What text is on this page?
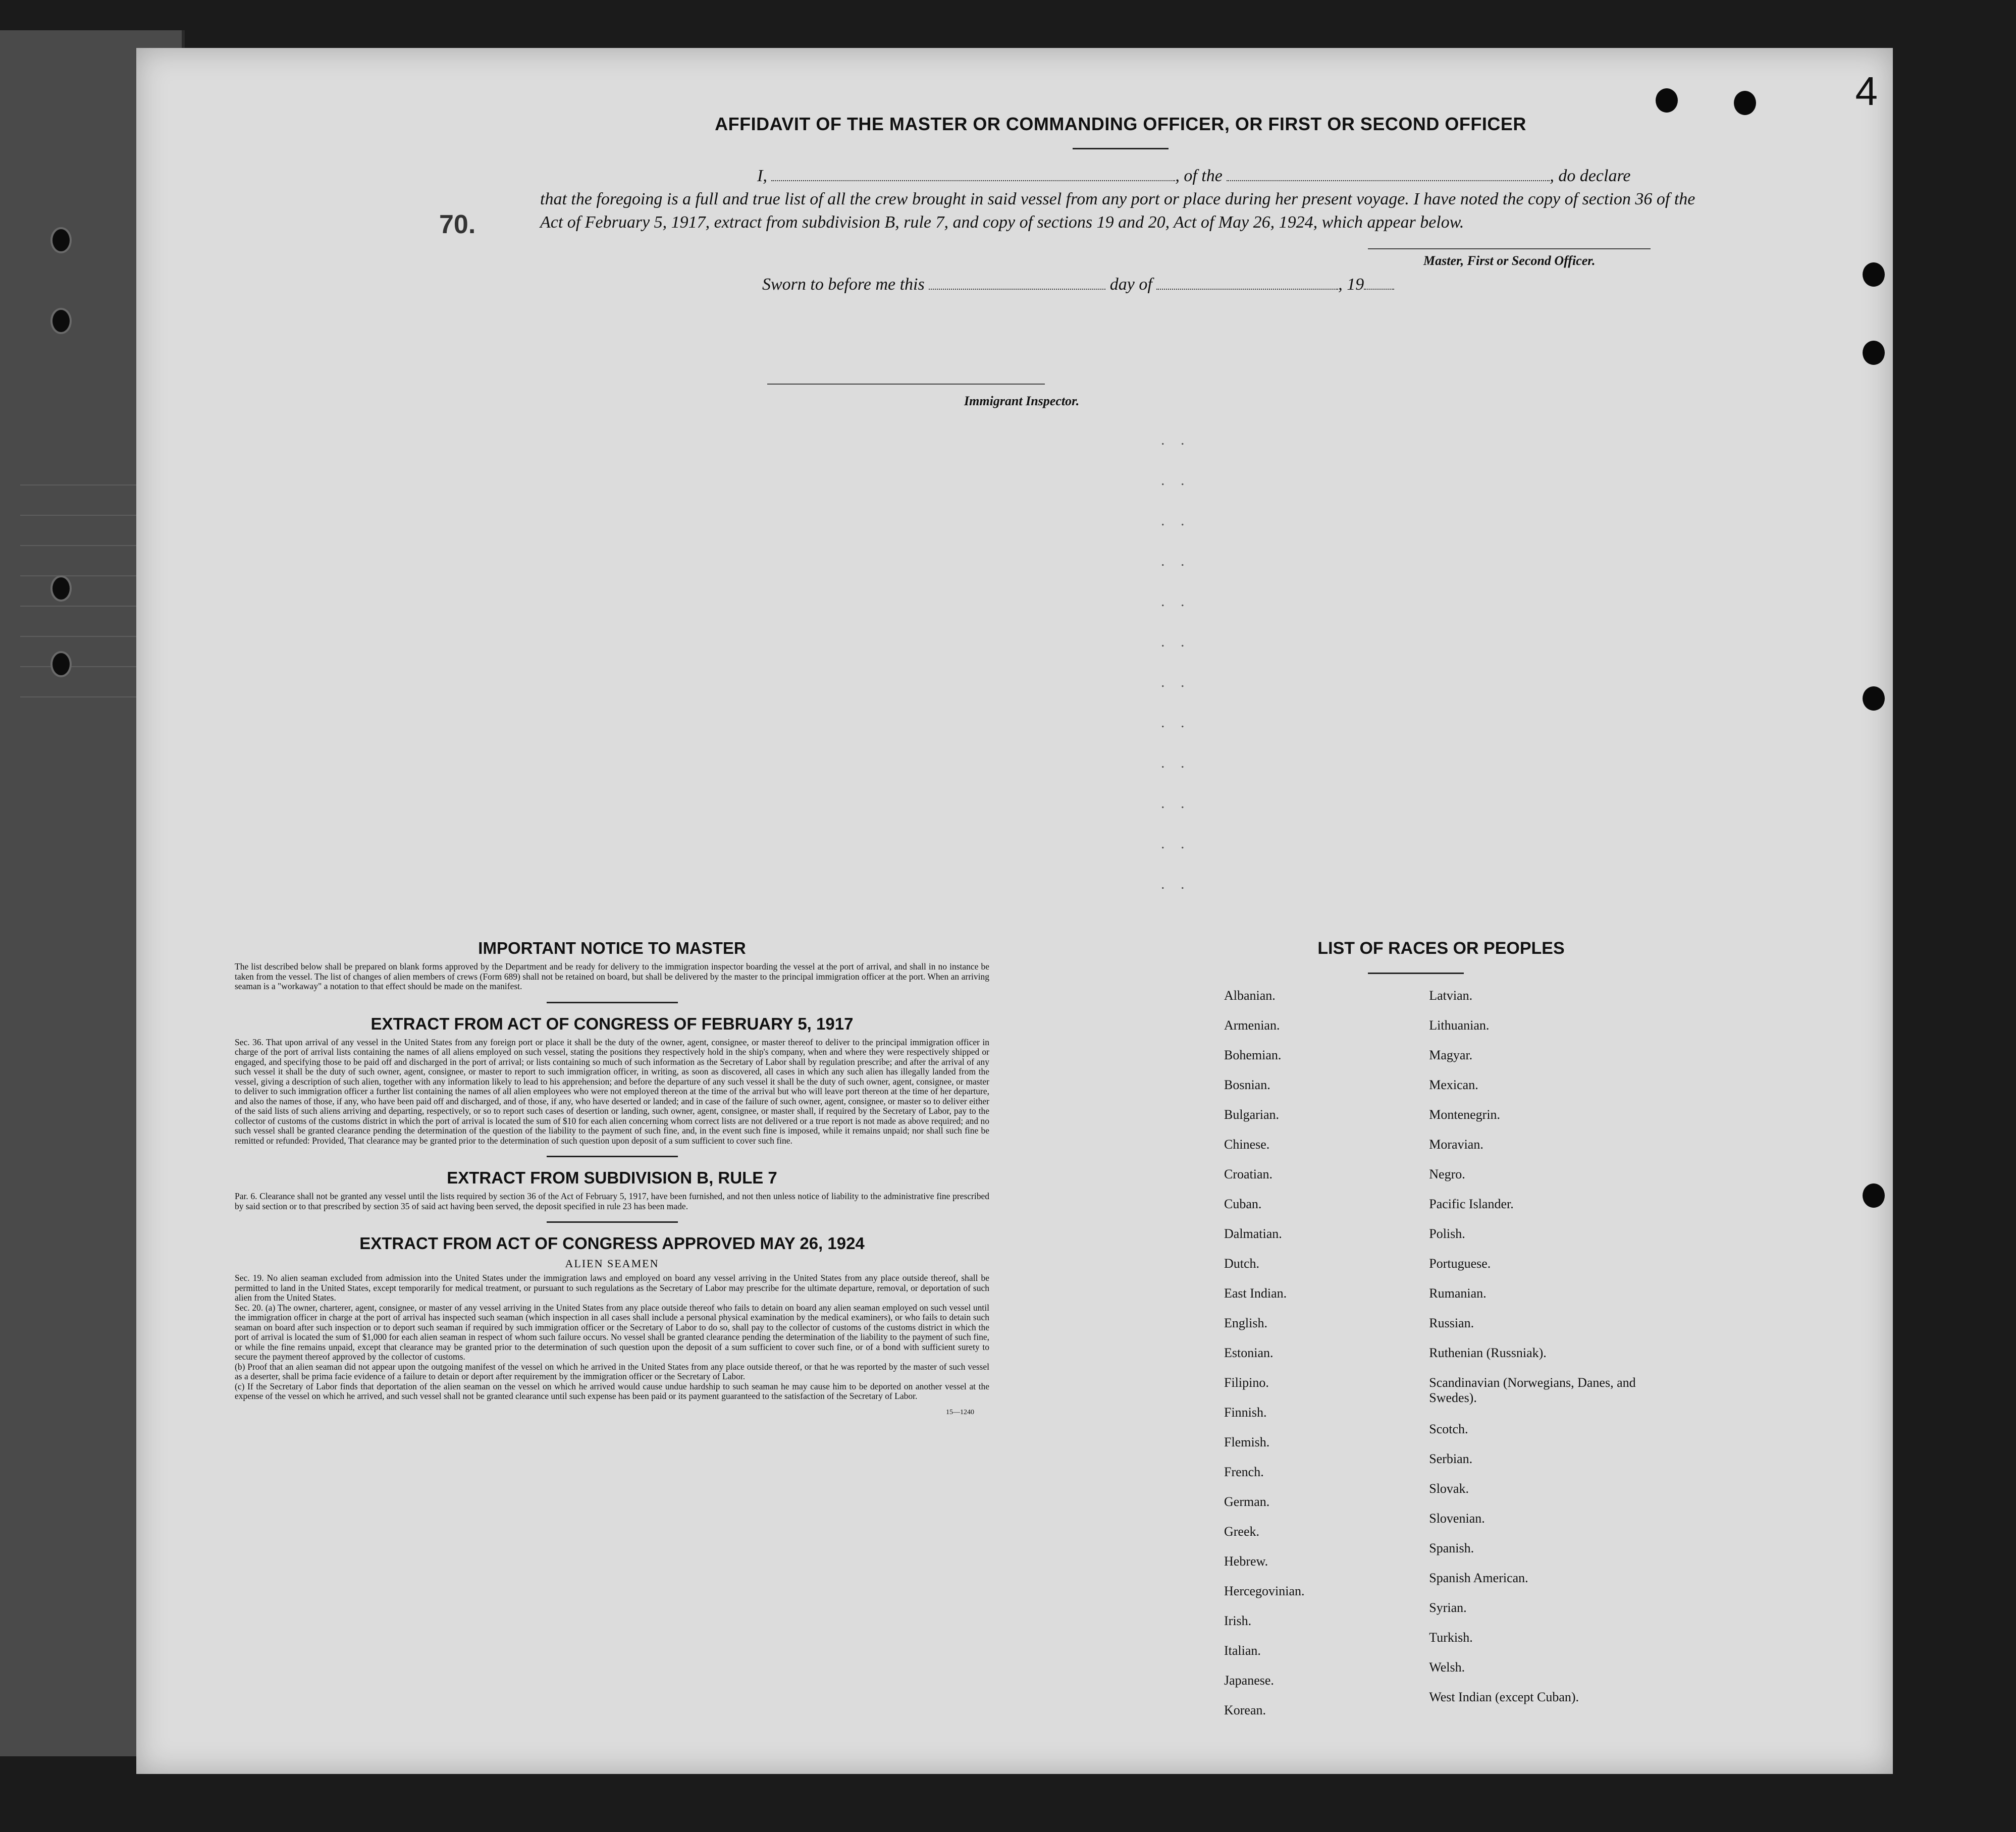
4
70.
AFFIDAVIT OF THE MASTER OR COMMANDING OFFICER, OR FIRST OR SECOND OFFICER
I,	, of the	, do declare
that the foregoing is a full and true list of all the crew brought in said vessel from any port or place during her present voyage. I have noted the copy of section 36 of the Act of February 5, 1917, extract from subdivision B, rule 7, and copy of sections 19 and 20, Act of May 26, 1924, which appear below.
Master, First or Second Officer.
Sworn to before me this	day of	, 19
Immigrant Inspector.
. .
. .
. .
. .
. .
. .
. .
. .
. .
. .
. .
. .
IMPORTANT NOTICE TO MASTER

The list described below shall be prepared on blank forms approved by the Department and be ready for delivery to the immigration inspector boarding the vessel at the port of arrival, and shall in no instance be taken from the vessel. The list of changes of alien members of crews (Form 689) shall not be retained on board, but shall be delivered by the master to the principal immigration officer at the port. When an arriving seaman is a "workaway" a notation to that effect should be made on the manifest.

EXTRACT FROM ACT OF CONGRESS OF FEBRUARY 5, 1917

Sec. 36. That upon arrival of any vessel in the United States from any foreign port or place it shall be the duty of the owner, agent, consignee, or master thereof to deliver to the principal immigration officer in charge of the port of arrival lists containing the names of all aliens employed on such vessel, stating the positions they respectively hold in the ship's company, when and where they were respectively shipped or engaged, and specifying those to be paid off and discharged in the port of arrival; or lists containing so much of such information as the Secretary of Labor shall by regulation prescribe; and after the arrival of any such vessel it shall be the duty of such owner, agent, consignee, or master to report to such immigration officer, in writing, as soon as discovered, all cases in which any such alien has illegally landed from the vessel, giving a description of such alien, together with any information likely to lead to his apprehension; and before the departure of any such vessel it shall be the duty of such owner, agent, consignee, or master to deliver to such immigration officer a further list containing the names of all alien employees who were not employed thereon at the time of the arrival but who will leave port thereon at the time of her departure, and also the names of those, if any, who have been paid off and discharged, and of those, if any, who have deserted or landed; and in case of the failure of such owner, agent, consignee, or master so to deliver either of the said lists of such aliens arriving and departing, respectively, or so to report such cases of desertion or landing, such owner, agent, consignee, or master shall, if required by the Secretary of Labor, pay to the collector of customs of the customs district in which the port of arrival is located the sum of $10 for each alien concerning whom correct lists are not delivered or a true report is not made as above required; and no such vessel shall be granted clearance pending the determination of the question of the liability to the payment of such fine, and, in the event such fine is imposed, while it remains unpaid; nor shall such fine be remitted or refunded: Provided, That clearance may be granted prior to the determination of such question upon deposit of a sum sufficient to cover such fine.

EXTRACT FROM SUBDIVISION B, RULE 7

Par. 6. Clearance shall not be granted any vessel until the lists required by section 36 of the Act of February 5, 1917, have been furnished, and not then unless notice of liability to the administrative fine prescribed by said section or to that prescribed by section 35 of said act having been served, the deposit specified in rule 23 has been made.

EXTRACT FROM ACT OF CONGRESS APPROVED MAY 26, 1924
ALIEN SEAMEN

Sec. 19. No alien seaman excluded from admission into the United States under the immigration laws and employed on board any vessel arriving in the United States from any place outside thereof, shall be permitted to land in the United States, except temporarily for medical treatment, or pursuant to such regulations as the Secretary of Labor may prescribe for the ultimate departure, removal, or deportation of such alien from the United States.

Sec. 20. (a) The owner, charterer, agent, consignee, or master of any vessel arriving in the United States from any place outside thereof who fails to detain on board any alien seaman employed on such vessel until the immigration officer in charge at the port of arrival has inspected such seaman (which inspection in all cases shall include a personal physical examination by the medical examiners), or who fails to detain such seaman on board after such inspection or to deport such seaman if required by such immigration officer or the Secretary of Labor to do so, shall pay to the collector of customs of the customs district in which the port of arrival is located the sum of $1,000 for each alien seaman in respect of whom such failure occurs. No vessel shall be granted clearance pending the determination of the liability to the payment of such fine, or while the fine remains unpaid, except that clearance may be granted prior to the determination of such question upon the deposit of a sum sufficient to cover such fine, or of a bond with sufficient surety to secure the payment thereof approved by the collector of customs.

(b) Proof that an alien seaman did not appear upon the outgoing manifest of the vessel on which he arrived in the United States from any place outside thereof, or that he was reported by the master of such vessel as a deserter, shall be prima facie evidence of a failure to detain or deport after requirement by the immigration officer or the Secretary of Labor.

(c) If the Secretary of Labor finds that deportation of the alien seaman on the vessel on which he arrived would cause undue hardship to such seaman he may cause him to be deported on another vessel at the expense of the vessel on which he arrived, and such vessel shall not be granted clearance until such expense has been paid or its payment guaranteed to the satisfaction of the Secretary of Labor.

15—1240
LIST OF RACES OR PEOPLES
Albanian.
Armenian.
Bohemian.
Bosnian.
Bulgarian.
Chinese.
Croatian.
Cuban.
Dalmatian.
Dutch.
East Indian.
English.
Estonian.
Filipino.
Finnish.
Flemish.
French.
German.
Greek.
Hebrew.
Hercegovinian.
Irish.
Italian.
Japanese.
Korean.
Latvian.
Lithuanian.
Magyar.
Mexican.
Montenegrin.
Moravian.
Negro.
Pacific Islander.
Polish.
Portuguese.
Rumanian.
Russian.
Ruthenian (Russniak).
Scandinavian (Norwegians, Danes, and Swedes).
Scotch.
Serbian.
Slovak.
Slovenian.
Spanish.
Spanish American.
Syrian.
Turkish.
Welsh.
West Indian (except Cuban).
